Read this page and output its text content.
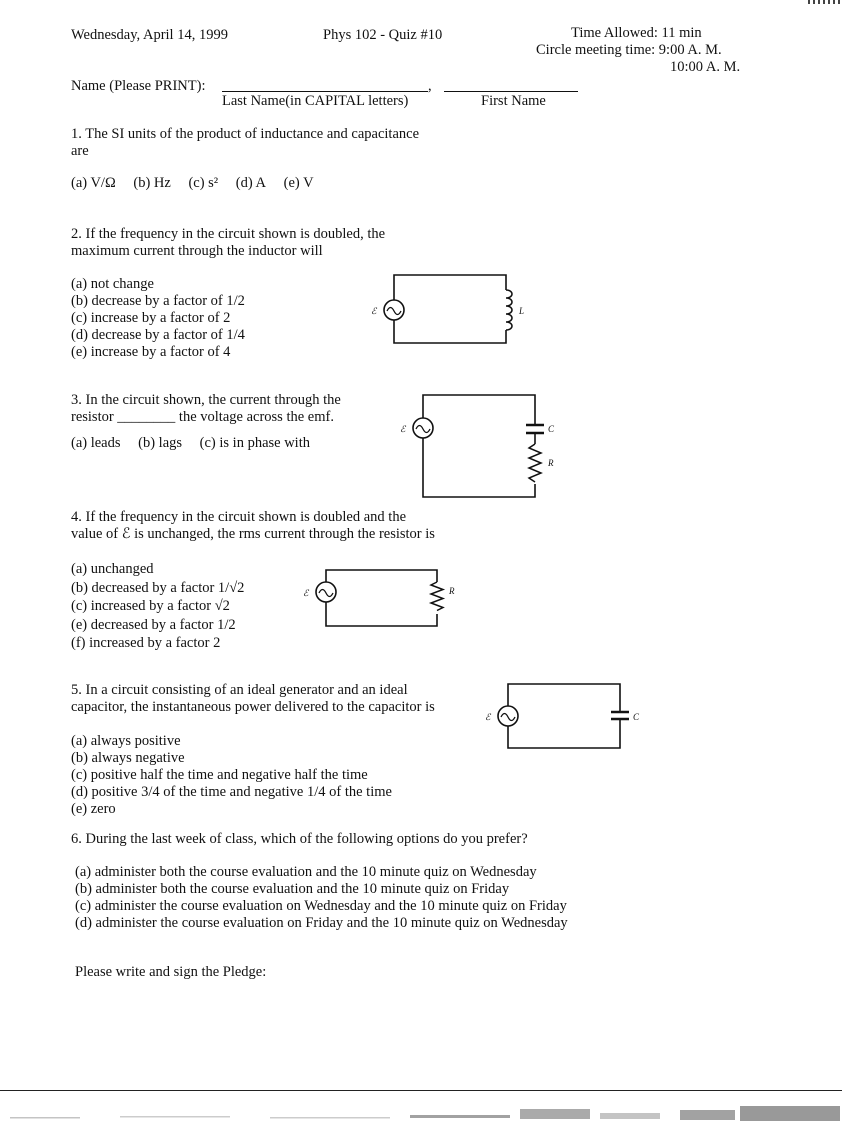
Wednesday, April 14, 1999	Phys 102 - Quiz #10	Time Allowed: 11 min
Circle meeting time: 9:00 A. M.
10:00 A. M.
Name (Please PRINT):	,
Last Name(in CAPITAL letters)	First Name
1. The SI units of the product of inductance and capacitance
are
(a) V/Ω (b) Hz (c) s² (d) A (e) V
2. If the frequency in the circuit shown is doubled, the
maximum current through the inductor will
(a) not change
(b) decrease by a factor of 1/2
(c) increase by a factor of 2
(d) decrease by a factor of 1/4
(e) increase by a factor of 4
ℰ	L
3. In the circuit shown, the current through the
resistor ________ the voltage across the emf.
(a) leads (b) lags (c) is in phase with
ℰ	C
R
4. If the frequency in the circuit shown is doubled and the
value of ℰ is unchanged, the rms current through the resistor is
(a) unchanged
(b) decreased by a factor 1/√2
(c) increased by a factor √2
(e) decreased by a factor 1/2
(f) increased by a factor 2
ℰ	R
5. In a circuit consisting of an ideal generator and an ideal
capacitor, the instantaneous power delivered to the capacitor is
(a) always positive
(b) always negative
(c) positive half the time and negative half the time
(d) positive 3/4 of the time and negative 1/4 of the time
(e) zero
ℰ	C
6. During the last week of class, which of the following options do you prefer?
(a) administer both the course evaluation and the 10 minute quiz on Wednesday
(b) administer both the course evaluation and the 10 minute quiz on Friday
(c) administer the course evaluation on Wednesday and the 10 minute quiz on Friday
(d) administer the course evaluation on Friday and the 10 minute quiz on Wednesday
Please write and sign the Pledge:
